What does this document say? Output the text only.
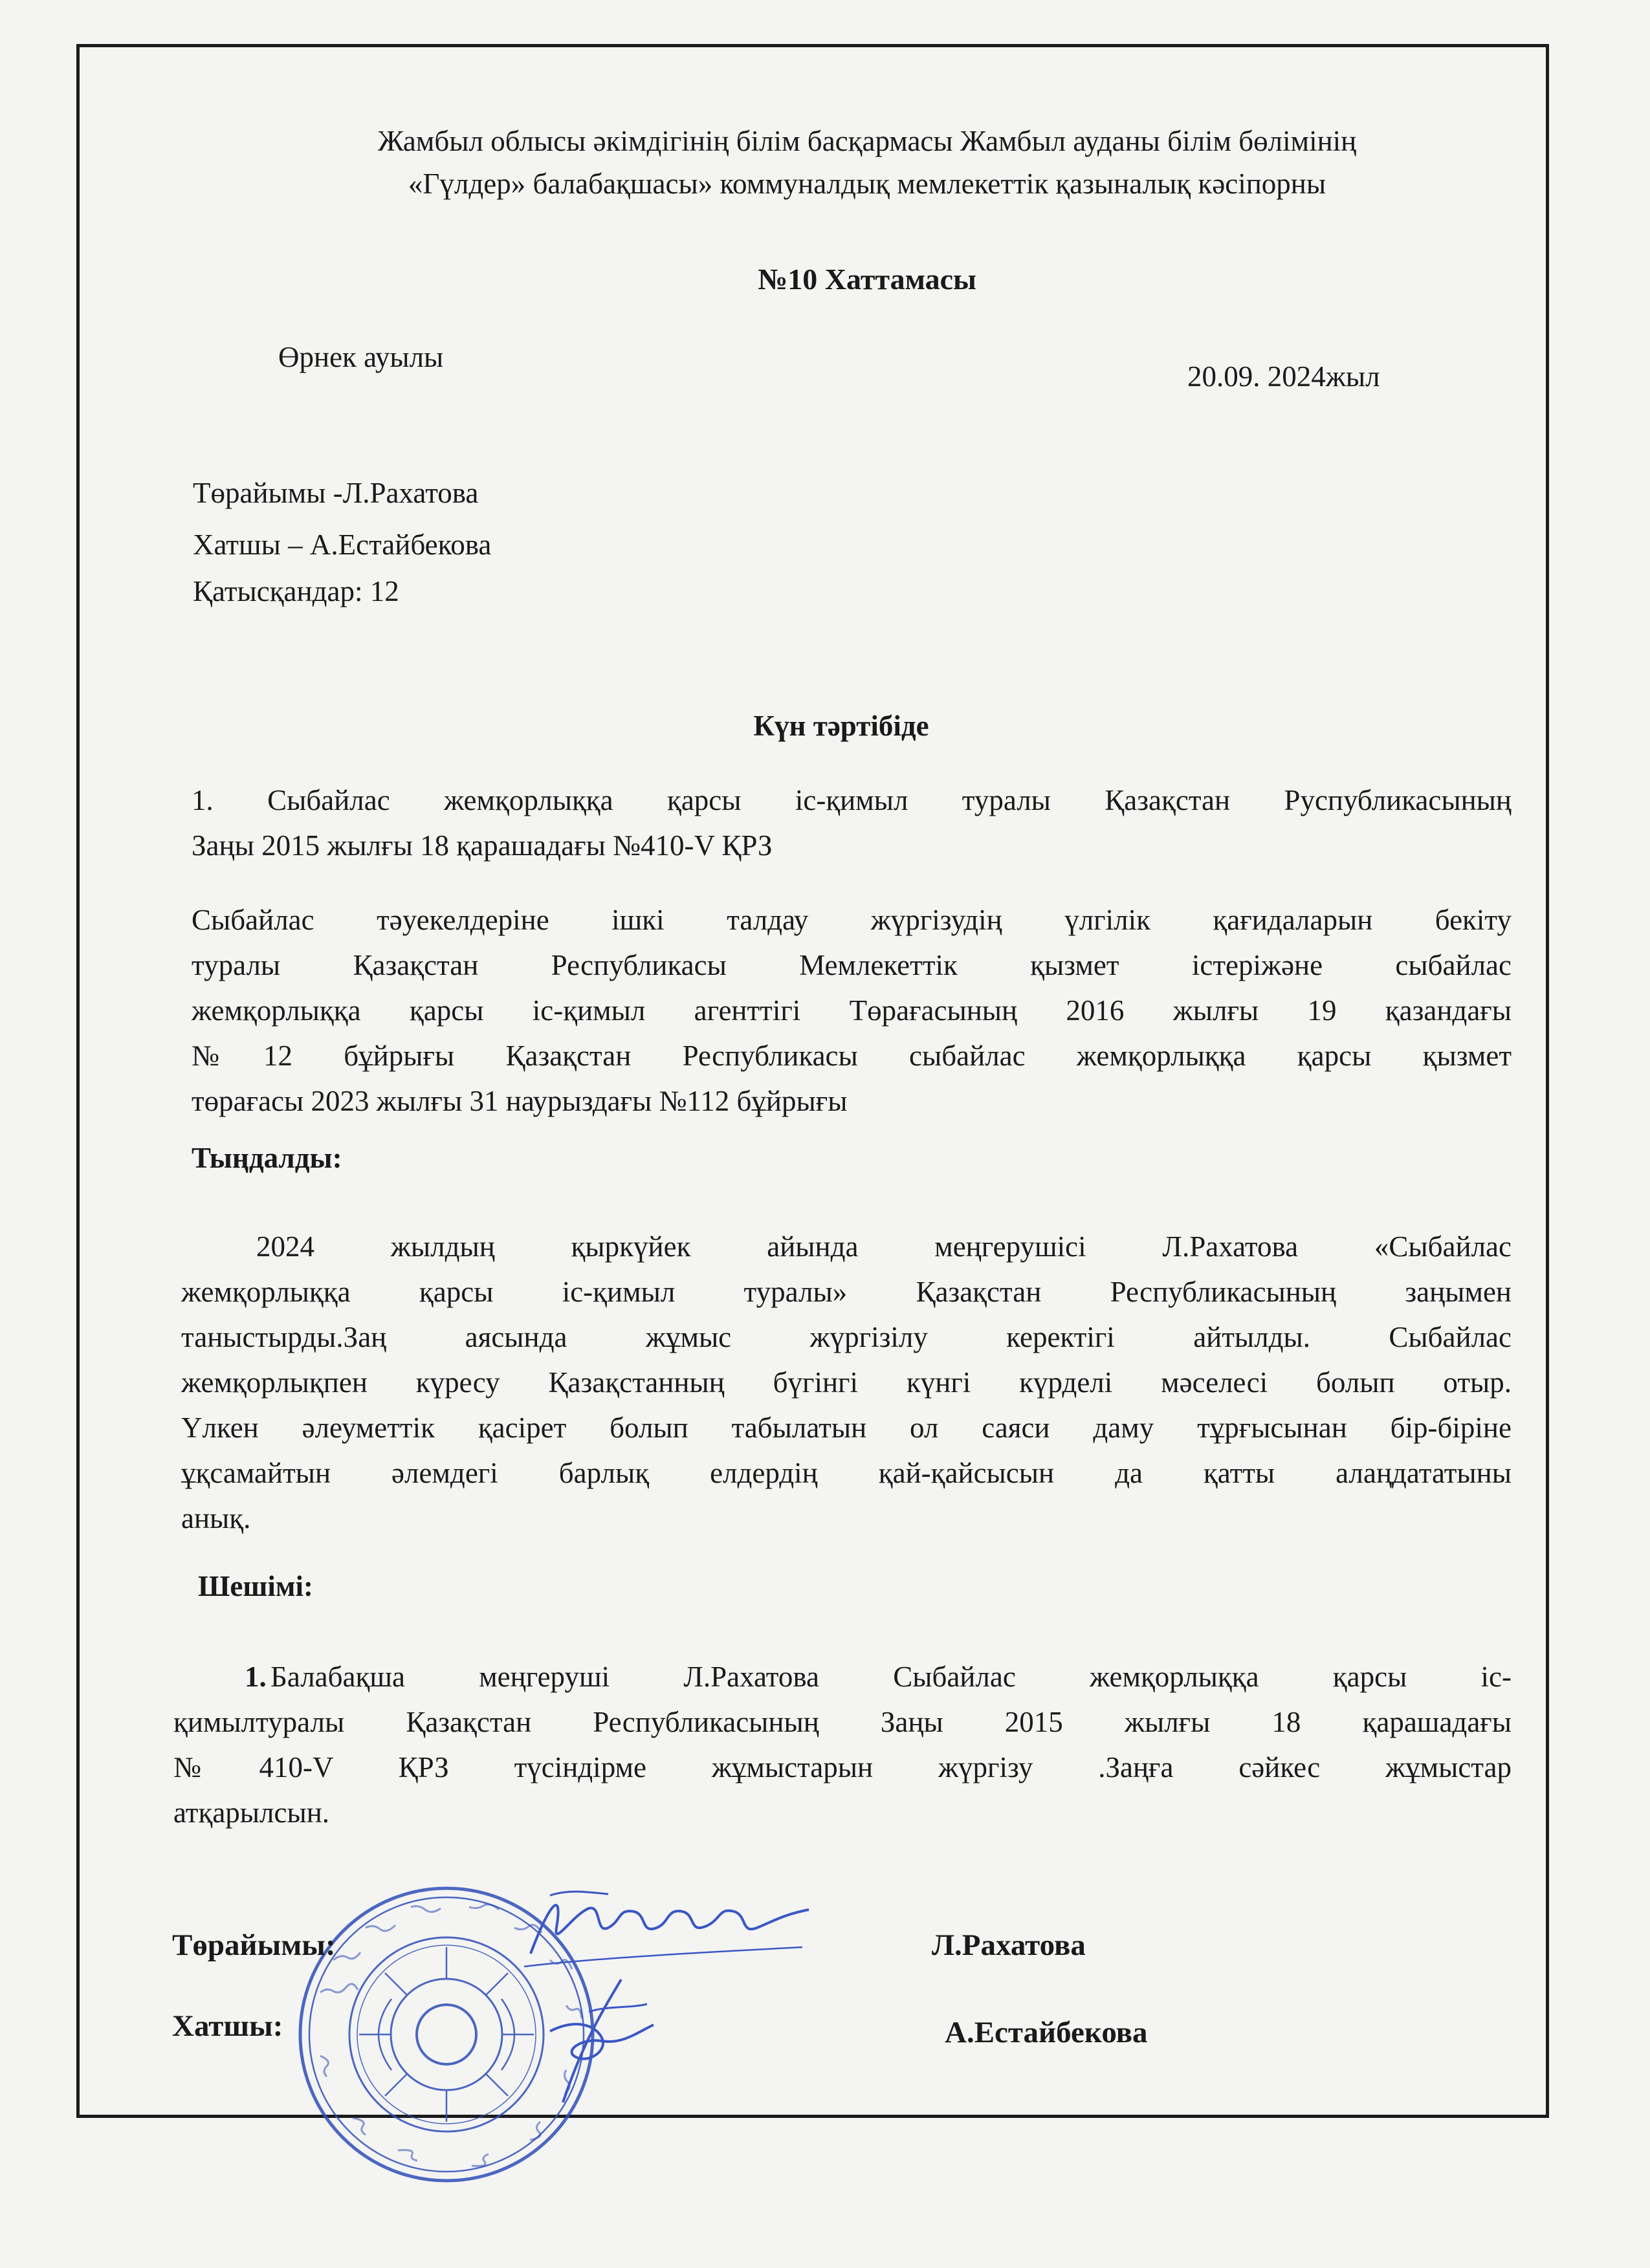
Жамбыл облысы әкімдігінің білім басқармасы Жамбыл ауданы білім бөлімінің
«Гүлдер» балабақшасы» коммуналдық мемлекеттік қазыналық кәсіпорны
№10 Хаттамасы
Өрнек ауылы
20.09. 2024жыл
Төрайымы -Л.Рахатова
Хатшы – А.Естайбекова
Қатысқандар: 12
Күн тәртібіде
1. Сыбайлас жемқорлыққа қарсы іс-қимыл туралы Қазақстан Руспубликасының
Заңы 2015 жылғы 18 қарашадағы №410-V ҚРЗ
Сыбайлас тәуекелдеріне ішкі талдау жүргізудің үлгілік қағидаларын бекіту
туралы Қазақстан Республикасы Мемлекеттік қызмет істеріжәне сыбайлас
жемқорлыққа қарсы іс-қимыл агенттігі Төрағасының 2016 жылғы 19 қазандағы
№12 бұйрығы Қазақстан Республикасы сыбайлас жемқорлыққа қарсы қызмет
төрағасы 2023 жылғы 31 наурыздағы №112 бұйрығы
Тыңдалды:
2024 жылдың қыркүйек айында меңгерушісі Л.Рахатова «Сыбайлас
жемқорлыққа қарсы іс-қимыл туралы» Қазақстан Республикасының заңымен
таныстырды.Заң аясында жұмыс жүргізілу керектігі айтылды. Сыбайлас
жемқорлықпен күресу Қазақстанның бүгінгі күнгі күрделі мәселесі болып отыр.
Үлкен әлеуметтік қасірет болып табылатын ол саяси даму тұрғысынан бір-біріне
ұқсамайтын әлемдегі барлық елдердің қай-қайсысын да қатты алаңдататыны
анық.
Шешімі:
1. Балабақша меңгеруші Л.Рахатова Сыбайлас жемқорлыққа қарсы іс-
қимылтуралы Қазақстан Республикасының Заңы 2015 жылғы 18 қарашадағы
№410-V ҚРЗ түсіндірме жұмыстарын жүргізу .Заңға сәйкес жұмыстар
атқарылсын.
Төрайымы:	Л.Рахатова
Хатшы:	А.Естайбекова
